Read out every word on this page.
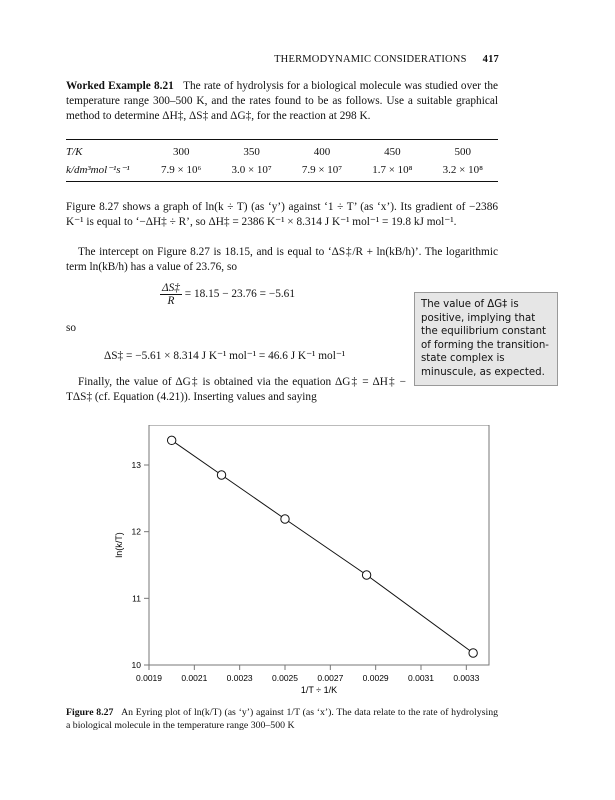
THERMODYNAMIC CONSIDERATIONS 417
Worked Example 8.21 The rate of hydrolysis for a biological molecule was studied over the temperature range 300–500 K, and the rates found to be as follows. Use a suitable graphical method to determine ΔH‡, ΔS‡ and ΔG‡, for the reaction at 298 K.
T/K	300	350	400	450	500
k/dm³mol⁻¹s⁻¹	7.9 × 10⁶	3.0 × 10⁷	7.9 × 10⁷	1.7 × 10⁸	3.2 × 10⁸
Figure 8.27 shows a graph of ln(k ÷ T) (as ‘y’) against ‘1 ÷ T’ (as ‘x’). Its gradient of −2386 K⁻¹ is equal to ‘−ΔH‡ ÷ R’, so ΔH‡ = 2386 K⁻¹ × 8.314 J K⁻¹ mol⁻¹ = 19.8 kJ mol⁻¹.
The intercept on Figure 8.27 is 18.15, and is equal to ‘ΔS‡/R + ln(kB/h)’. The logarithmic term ln(kB/h) has a value of 23.76, so
$\frac{\Delta S\ddagger}{R} = 18.15 - 23.76 = -5.61$
so
ΔS‡ = −5.61 × 8.314 J K⁻¹ mol⁻¹ = 46.6 J K⁻¹ mol⁻¹
Finally, the value of ΔG‡ is obtained via the equation ΔG‡ = ΔH‡ − TΔS‡ (cf. Equation (4.21)). Inserting values and saying
The value of ΔG‡ is positive, implying that the equilibrium constant of forming the transition-state complex is minuscule, as expected.
0.0019 0.0021 0.0023 0.0025 0.0027 0.0029 0.0031 0.0033
10
11
12
13
1/T ÷ 1/K
ln(k/T)
Figure 8.27 An Eyring plot of ln(k/T) (as ‘y’) against 1/T (as ‘x’). The data relate to the rate of hydrolysing a biological molecule in the temperature range 300–500 K
